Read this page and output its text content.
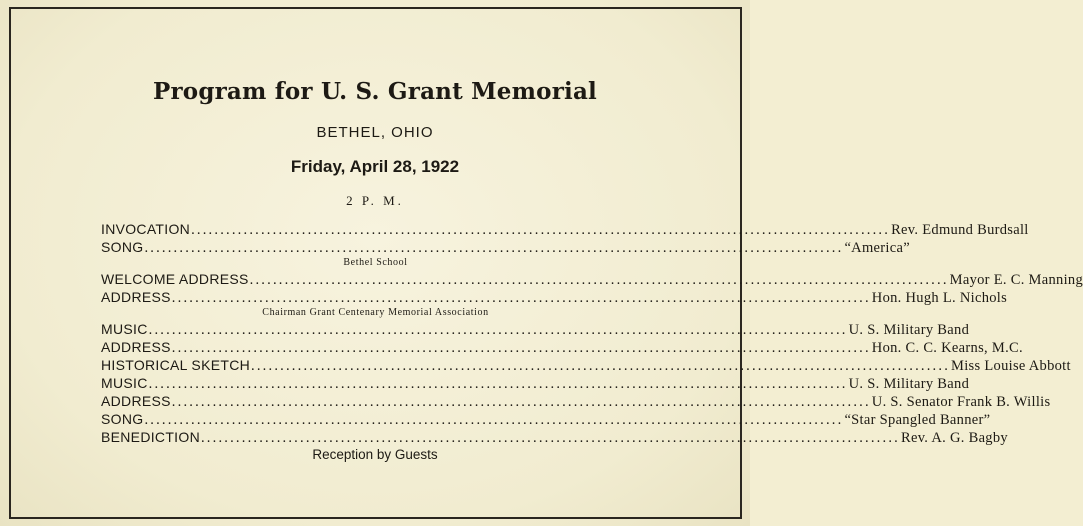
Program for U. S. Grant Memorial
BETHEL, OHIO
Friday, April 28, 1922
2 P. M.
INVOCATION ........................................................................................................................ Rev. Edmund Burdsall
SONG ........................................................................................................................ “America”
Bethel School
WELCOME ADDRESS ........................................................................................................................ Mayor E. C. Manning
ADDRESS ........................................................................................................................ Hon. Hugh L. Nichols
Chairman Grant Centenary Memorial Association
MUSIC ........................................................................................................................ U. S. Military Band
ADDRESS ........................................................................................................................ Hon. C. C. Kearns, M.C.
HISTORICAL SKETCH ........................................................................................................................ Miss Louise Abbott
MUSIC ........................................................................................................................ U. S. Military Band
ADDRESS ........................................................................................................................ U. S. Senator Frank B. Willis
SONG ........................................................................................................................ “Star Spangled Banner”
BENEDICTION ........................................................................................................................ Rev. A. G. Bagby
Reception by Guests
